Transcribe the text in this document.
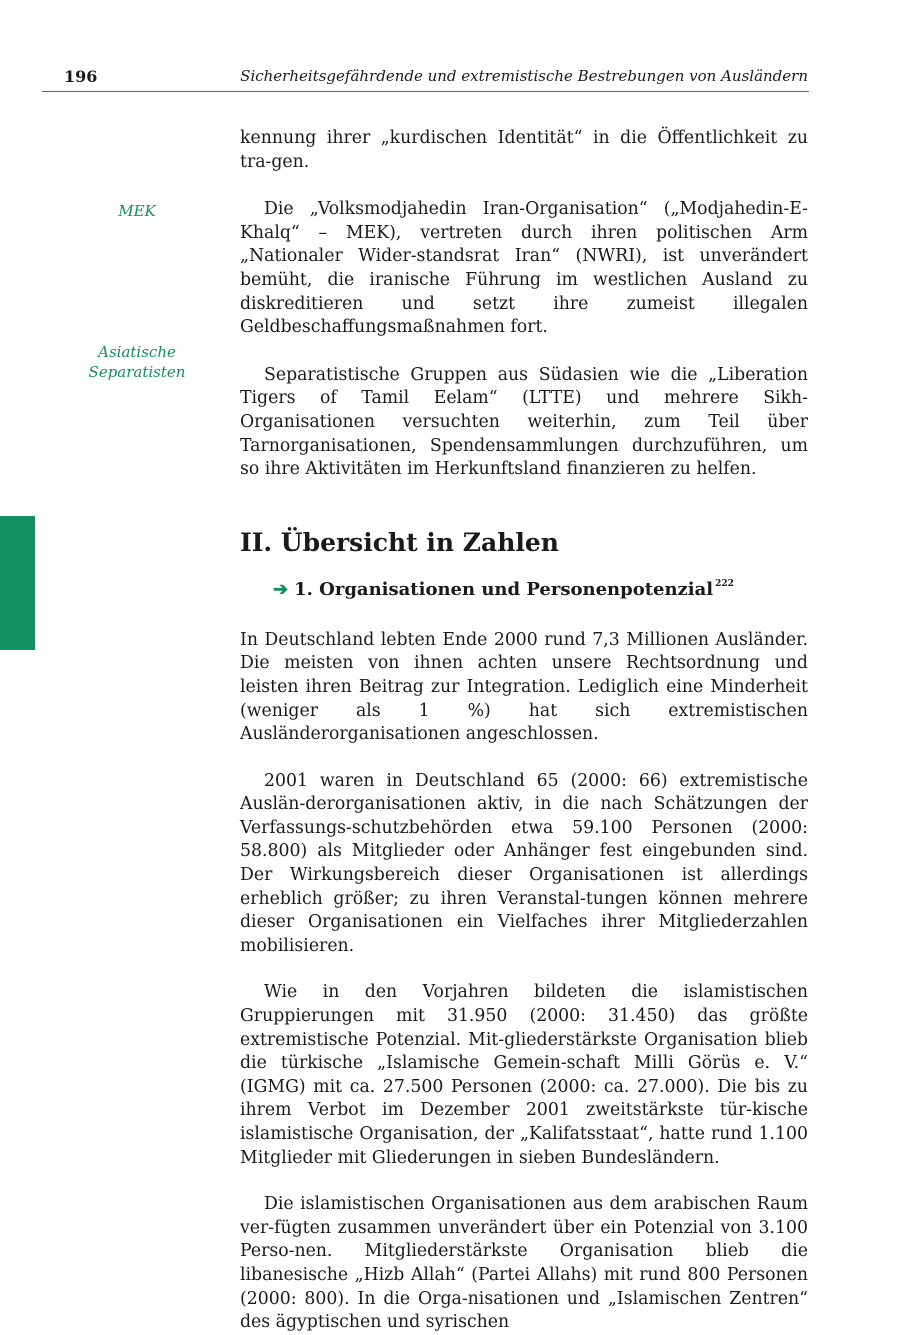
196	Sicherheitsgefährdende und extremistische Bestrebungen von Ausländern
MEK
Asiatische
Separatisten

kennung ihrer „kurdischen Identität“ in die Öffentlichkeit zu tra-gen.

Die „Volksmodjahedin Iran-Organisation“ („Modjahedin-E-Khalq“ – MEK), vertreten durch ihren politischen Arm „Nationaler Wider-standsrat Iran“ (NWRI), ist unverändert bemüht, die iranische Führung im westlichen Ausland zu diskreditieren und setzt ihre zumeist illegalen Geldbeschaffungsmaßnahmen fort.

Separatistische Gruppen aus Südasien wie die „Liberation Tigers of Tamil Eelam“ (LTTE) und mehrere Sikh-Organisationen versuchten weiterhin, zum Teil über Tarnorganisationen, Spendensammlungen durchzuführen, um so ihre Aktivitäten im Herkunftsland finanzieren zu helfen.

II. Übersicht in Zahlen
➔ 1. Organisationen und Personenpotenzial $^{222}$

In Deutschland lebten Ende 2000 rund 7,3 Millionen Ausländer. Die meisten von ihnen achten unsere Rechtsordnung und leisten ihren Beitrag zur Integration. Lediglich eine Minderheit (weniger als 1 %) hat sich extremistischen Ausländerorganisationen angeschlossen.

2001 waren in Deutschland 65 (2000: 66) extremistische Auslän-derorganisationen aktiv, in die nach Schätzungen der Verfassungs-schutzbehörden etwa 59.100 Personen (2000: 58.800) als Mitglieder oder Anhänger fest eingebunden sind. Der Wirkungsbereich dieser Organisationen ist allerdings erheblich größer; zu ihren Veranstal-tungen können mehrere dieser Organisationen ein Vielfaches ihrer Mitgliederzahlen mobilisieren.

Wie in den Vorjahren bildeten die islamistischen Gruppierungen mit 31.950 (2000: 31.450) das größte extremistische Potenzial. Mit-gliederstärkste Organisation blieb die türkische „Islamische Gemein-schaft Milli Görüs e. V.“ (IGMG) mit ca. 27.500 Personen (2000: ca. 27.000). Die bis zu ihrem Verbot im Dezember 2001 zweitstärkste tür-kische islamistische Organisation, der „Kalifatsstaat“, hatte rund 1.100 Mitglieder mit Gliederungen in sieben Bundesländern.

Die islamistischen Organisationen aus dem arabischen Raum ver-fügten zusammen unverändert über ein Potenzial von 3.100 Perso-nen. Mitgliederstärkste Organisation blieb die libanesische „Hizb Allah“ (Partei Allahs) mit rund 800 Personen (2000: 800). In die Orga-nisationen und „Islamischen Zentren“ des ägyptischen und syrischen
